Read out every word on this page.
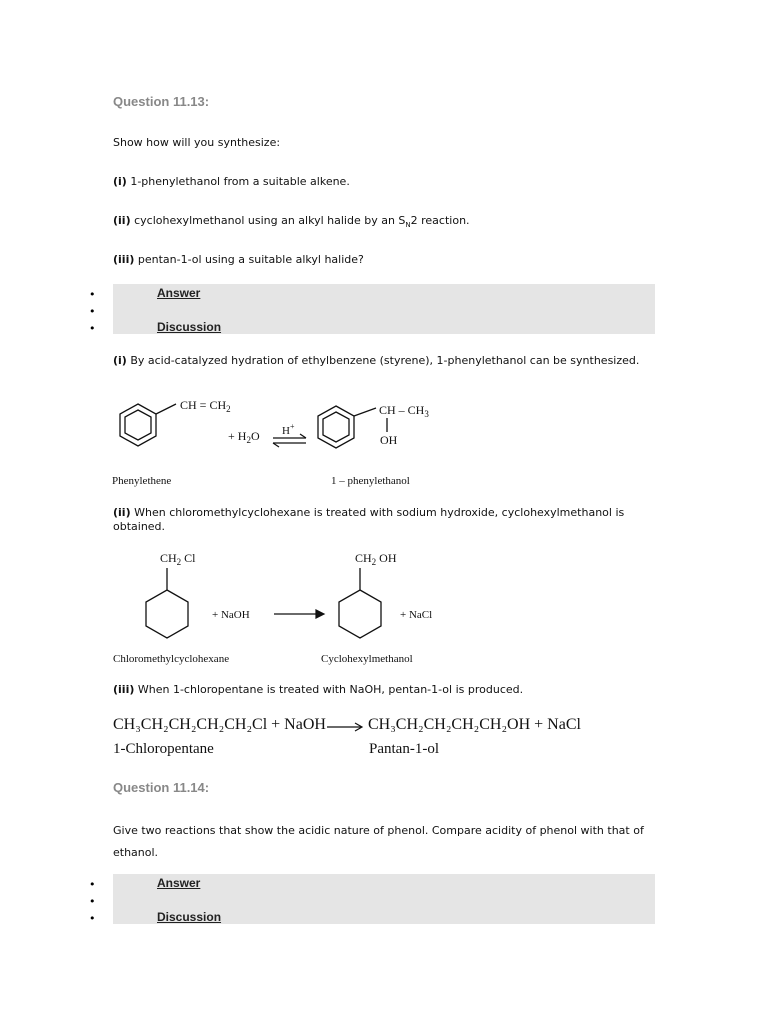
Question 11.13:
Show how will you synthesize:
(i) 1-phenylethanol from a suitable alkene.
(ii) cyclohexylmethanol using an alkyl halide by an $S_N2$ reaction.
(iii) pentan-1-ol using a suitable alkyl halide?
•
•
•
Answer
Discussion
(i) By acid-catalyzed hydration of ethylbenzene (styrene), 1-phenylethanol can be synthesized.
CH = $CH_2$
+ $H_2O$ H+
CH – $CH_3$
OH
Phenylethene	1 – phenylethanol
(ii) When chloromethylcyclohexane is treated with sodium hydroxide, cyclohexylmethanol is obtained.
$CH_2$ Cl
+ NaOH
$CH_2$ OH
+ NaCl
Chloromethylcyclohexane	Cyclohexylmethanol
(iii) When 1-chloropentane is treated with NaOH, pentan-1-ol is produced.
CH₃CH₂CH₂CH₂CH₂Cl + NaOH → CH₃CH₂CH₂CH₂CH₂OH + NaCl
1-Chloropentane	Pantan-1-ol
Question 11.14:
Give two reactions that show the acidic nature of phenol. Compare acidity of phenol with that of ethanol.
•
•
•
Answer
Discussion
